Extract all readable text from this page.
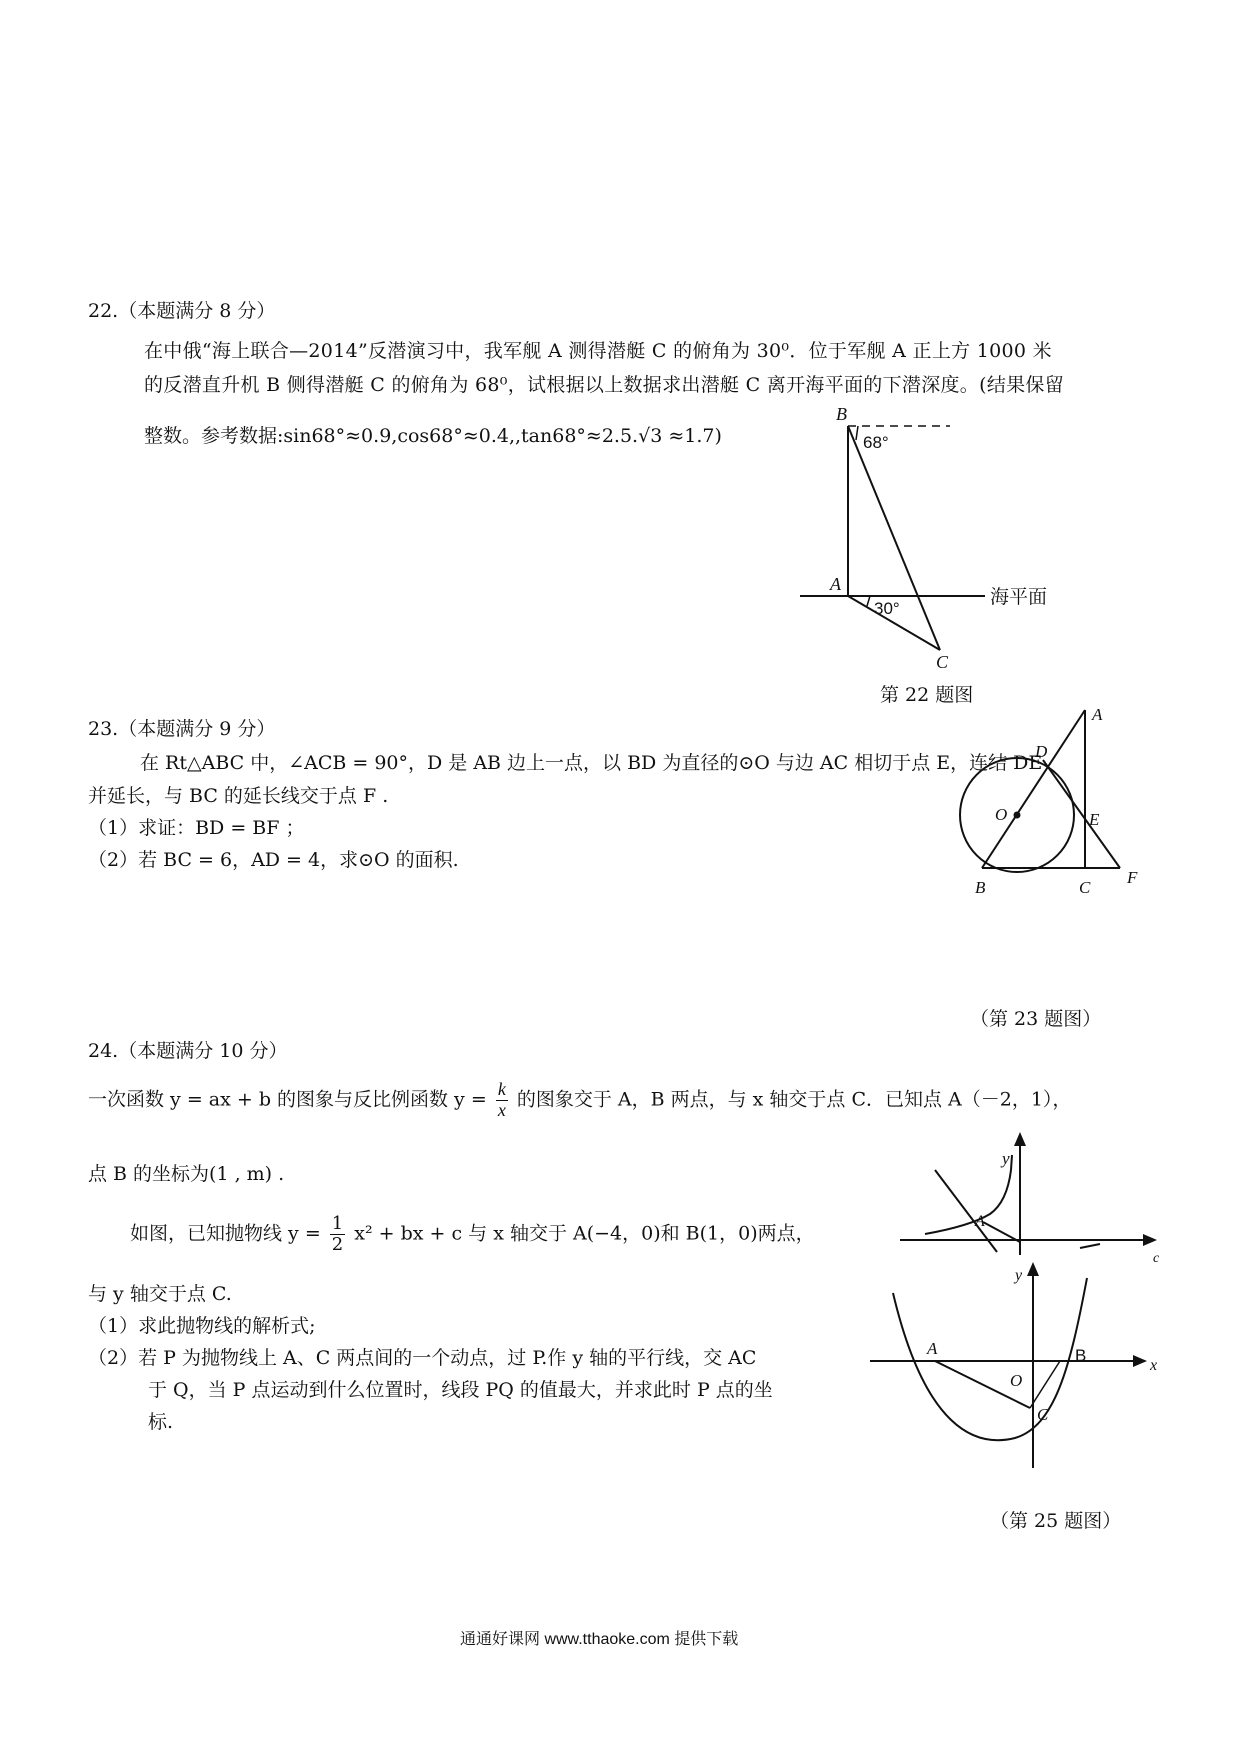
22.（本题满分 8 分）
在中俄“海上联合—2014”反潜演习中，我军舰 A 测得潜艇 C 的俯角为 30⁰．位于军舰 A 正上方 1000 米
的反潜直升机 B 侧得潜艇 C 的俯角为 68⁰，试根据以上数据求出潜艇 C 离开海平面的下潜深度。(结果保留
整数。参考数据:sin68°≈0.9,cos68°≈0.4,,tan68°≈2.5.√3 ≈1.7)
B
68°
A
30°
C
海平面
第 22 题图
23.（本题满分 9 分）
在 Rt△ABC 中，∠ACB = 90°，D 是 AB 边上一点，以 BD 为直径的⊙O 与边 AC 相切于点 E，连结 DE
并延长，与 BC 的延长线交于点 F .
（1）求证：BD = BF ；
（2）若 BC = 6，AD = 4，求⊙O 的面积.
A
D
E
O
B	C
F
（第 23 题图）
24.（本题满分 10 分）
一次函数 y = ax + b 的图象与反比例函数 $y = \frac{k}{x}$ 的图象交于 A，B 两点，与 x 轴交于点 C．已知点 A（－2，1），
点 B 的坐标为(1 , m) .
A
y
c
如图，已知抛物线 $y = \frac{1}{2} x^2$ + bx + c 与 x 轴交于 A(−4，0)和 B(1，0)两点，
与 y 轴交于点 C.
（1）求此抛物线的解析式;
（2）若 P 为抛物线上 A、C 两点间的一个动点，过 P.作 y 轴的平行线，交 AC
于 Q，当 P 点运动到什么位置时，线段 PQ 的值最大，并求此时 P 点的坐
标.
A	B
O
C
x
y
（第 25 题图）
通通好课网 www.tthaoke.com 提供下载
